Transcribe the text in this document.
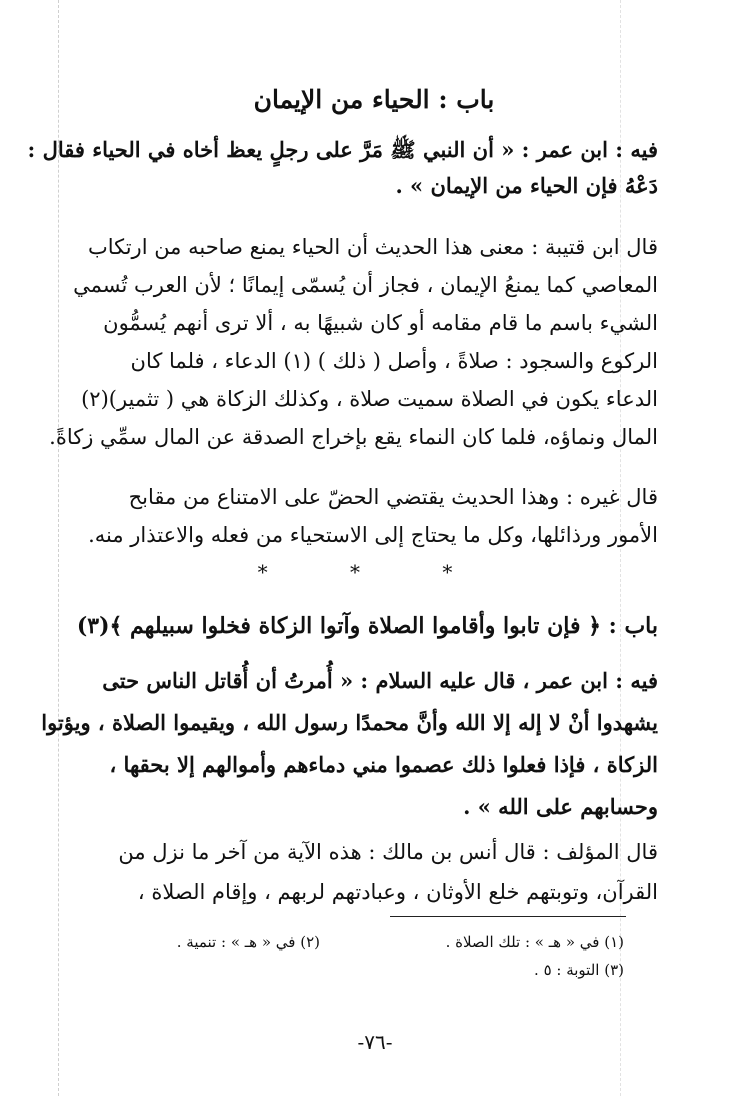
باب : الحياء من الإيمان
فيه : ابن عمر : « أن النبي ﷺ مَرَّ على رجلٍ يعظ أخاه في الحياء فقال :
دَعْهُ فإن الحياء من الإيمان » .
قال ابن قتيبة : معنى هذا الحديث أن الحياء يمنع صاحبه من ارتكاب
المعاصي كما يمنعُ الإيمان ، فجاز أن يُسمّى إيمانًا ؛ لأن العرب تُسمي
الشيء باسم ما قام مقامه أو كان شبيهًا به ، ألا ترى أنهم يُسمُّون
الركوع والسجود : صلاةً ، وأصل ( ذلك ) (١) الدعاء ، فلما كان
الدعاء يكون في الصلاة سميت صلاة ، وكذلك الزكاة هي ( تثمير)(٢)
المال ونماؤه، فلما كان النماء يقع بإخراج الصدقة عن المال سمِّي زكاةً.
قال غيره : وهذا الحديث يقتضي الحضّ على الامتناع من مقابح
الأمور ورذائلها، وكل ما يحتاج إلى الاستحياء من فعله والاعتذار منه.
* * *
باب : ﴿ فإن تابوا وأقاموا الصلاة وآتوا الزكاة فخلوا سبيلهم ﴾(٣)
فيه : ابن عمر ، قال عليه السلام : « أُمرتُ أن أُقاتل الناس حتى
يشهدوا أنْ لا إله إلا الله وأنَّ محمدًا رسول الله ، ويقيموا الصلاة ، ويؤتوا
الزكاة ، فإذا فعلوا ذلك عصموا مني دماءهم وأموالهم إلا بحقها ،
وحسابهم على الله » .
قال المؤلف : قال أنس بن مالك : هذه الآية من آخر ما نزل من
القرآن، وتوبتهم خلع الأوثان ، وعبادتهم لربهم ، وإقام الصلاة ،
(١) في « هـ » : تلك الصلاة .
(٢) في « هـ » : تنمية .
(٣) التوبة : ٥ .
-٧٦-
